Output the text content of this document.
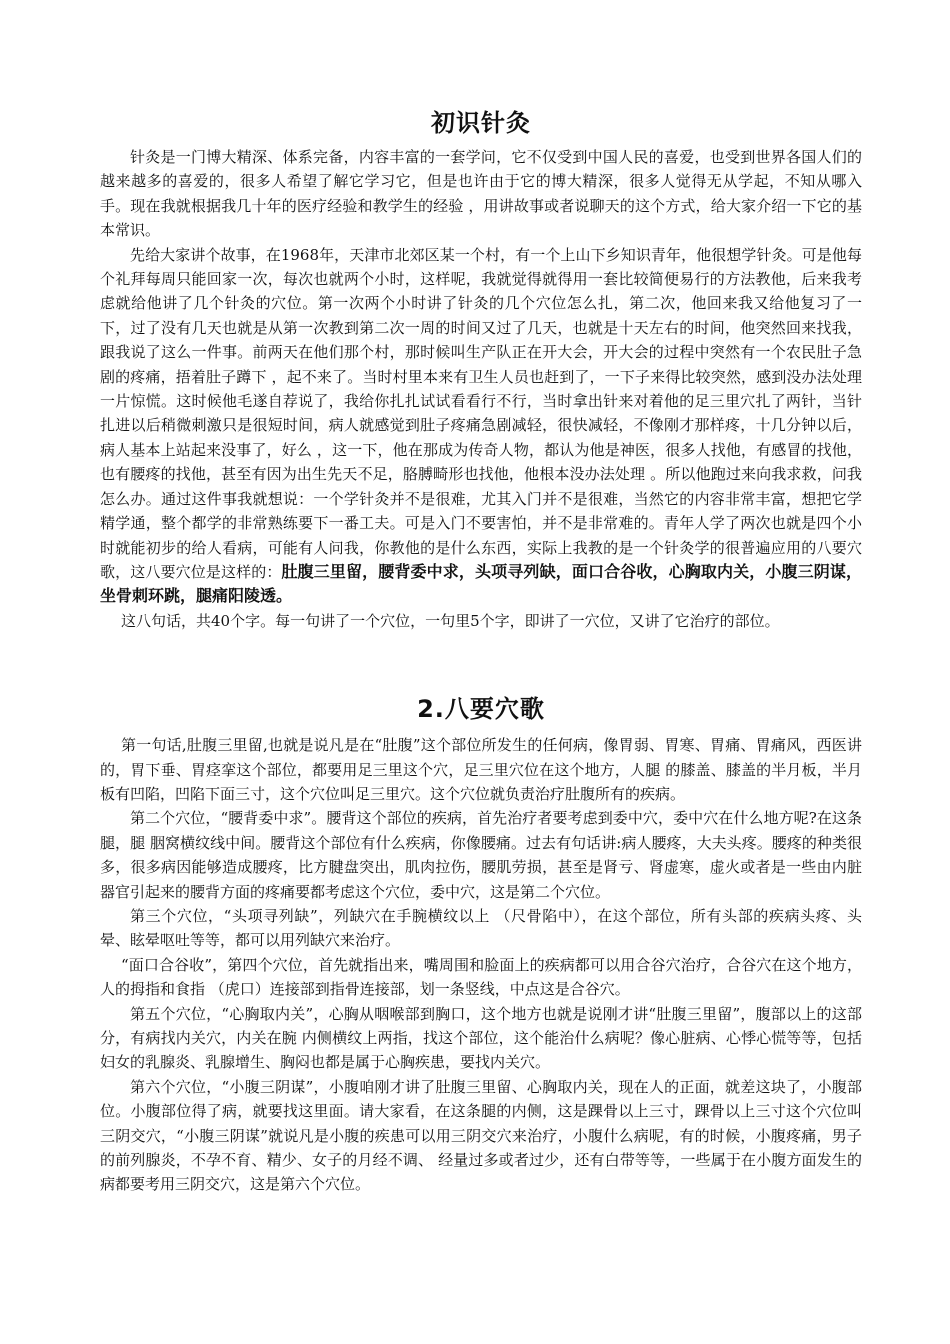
初识针灸

针灸是一门博大精深、体系完备，内容丰富的一套学问，它不仅受到中国人民的喜爱，也受到世界各国人们的越来越多的喜爱的，很多人希望了解它学习它，但是也许由于它的博大精深，很多人觉得无从学起，不知从哪入手。现在我就根据我几十年的医疗经验和教学生的经验 ，用讲故事或者说聊天的这个方式，给大家介绍一下它的基本常识。

先给大家讲个故事，在1968年，天津市北郊区某一个村，有一个上山下乡知识青年，他很想学针灸。可是他每个礼拜每周只能回家一次，每次也就两个小时，这样呢，我就觉得就得用一套比较简便易行的方法教他，后来我考虑就给他讲了几个针灸的穴位。第一次两个小时讲了针灸的几个穴位怎么扎，第二次，他回来我又给他复习了一下，过了没有几天也就是从第一次教到第二次一周的时间又过了几天，也就是十天左右的时间，他突然回来找我，跟我说了这么一件事。前两天在他们那个村，那时候叫生产队正在开大会，开大会的过程中突然有一个农民肚子急剧的疼痛，捂着肚子蹲下 ，起不来了。当时村里本来有卫生人员也赶到了，一下子来得比较突然，感到没办法处理一片惊慌。这时候他毛遂自荐说了，我给你扎扎试试看看行不行，当时拿出针来对着他的足三里穴扎了两针，当针扎进以后稍微刺激只是很短时间，病人就感觉到肚子疼痛急剧减轻，很快减轻，不像刚才那样疼，十几分钟以后，病人基本上站起来没事了，好么 ，这一下，他在那成为传奇人物，都认为他是神医，很多人找他，有感冒的找他，也有腰疼的找他，甚至有因为出生先天不足，胳膊畸形也找他，他根本没办法处理 。所以他跑过来向我求救，问我怎么办。通过这件事我就想说：一个学针灸并不是很难，尤其入门并不是很难，当然它的内容非常丰富，想把它学精学通，整个都学的非常熟练要下一番工夫。可是入门不要害怕，并不是非常难的。青年人学了两次也就是四个小时就能初步的给人看病，可能有人问我，你教他的是什么东西，实际上我教的是一个针灸学的很普遍应用的八要穴 歌，这八要穴位是这样的：肚腹三里留，腰背委中求，头项寻列缺，面口合谷收，心胸取内关，小腹三阴谋，坐骨刺环跳，腿痛阳陵透。

这八句话，共40个字。每一句讲了一个穴位，一句里5个字，即讲了一穴位，又讲了它治疗的部位。

2.八要穴歌

第一句话,肚腹三里留,也就是说凡是在“肚腹”这个部位所发生的任何病，像胃弱、胃寒、胃痛、胃痛风，西医讲的，胃下垂、胃痉挛这个部位，都要用足三里这个穴，足三里穴位在这个地方，人腿 的膝盖、膝盖的半月板，半月板有凹陷，凹陷下面三寸，这个穴位叫足三里穴。这个穴位就负责治疗肚腹所有的疾病。

第二个穴位，“腰背委中求”。腰背这个部位的疾病，首先治疗者要考虑到委中穴，委中穴在什么地方呢?在这条腿，腿 胭窝横纹线中间。腰背这个部位有什么疾病，你像腰痛。过去有句话讲:病人腰疼，大夫头疼。腰疼的种类很多，很多病因能够造成腰疼，比方腱盘突出，肌肉拉伤，腰肌劳损，甚至是肾亏、肾虚寒，虚火或者是一些由内脏器官引起来的腰背方面的疼痛要都考虑这个穴位，委中穴，这是第二个穴位。

第三个穴位，“头项寻列缺”，列缺穴在手腕横纹以上 （尺骨陷中），在这个部位，所有头部的疾病头疼、头晕、眩晕呕吐等等，都可以用列缺穴来治疗。

“面口合谷收”，第四个穴位，首先就指出来，嘴周围和脸面上的疾病都可以用合谷穴治疗，合谷穴在这个地方，人的拇指和食指 （虎口）连接部到指骨连接部，划一条竖线，中点这是合谷穴。

第五个穴位，“心胸取内关”，心胸从咽喉部到胸口，这个地方也就是说刚才讲“肚腹三里留”，腹部以上的这部分，有病找内关穴，内关在腕 内侧横纹上两指，找这个部位，这个能治什么病呢？像心脏病、心悸心慌等等，包括妇女的乳腺炎、乳腺增生、胸闷也都是属于心胸疾患，要找内关穴。

第六个穴位，“小腹三阴谋”，小腹咱刚才讲了肚腹三里留、心胸取内关，现在人的正面，就差这块了，小腹部位。小腹部位得了病，就要找这里面。请大家看，在这条腿的内侧，这是踝骨以上三寸，踝骨以上三寸这个穴位叫三阴交穴，“小腹三阴谋”就说凡是小腹的疾患可以用三阴交穴来治疗，小腹什么病呢，有的时候，小腹疼痛，男子的前列腺炎，不孕不育、精少、女子的月经不调、 经量过多或者过少，还有白带等等，一些属于在小腹方面发生的病都要考用三阴交穴，这是第六个穴位。
